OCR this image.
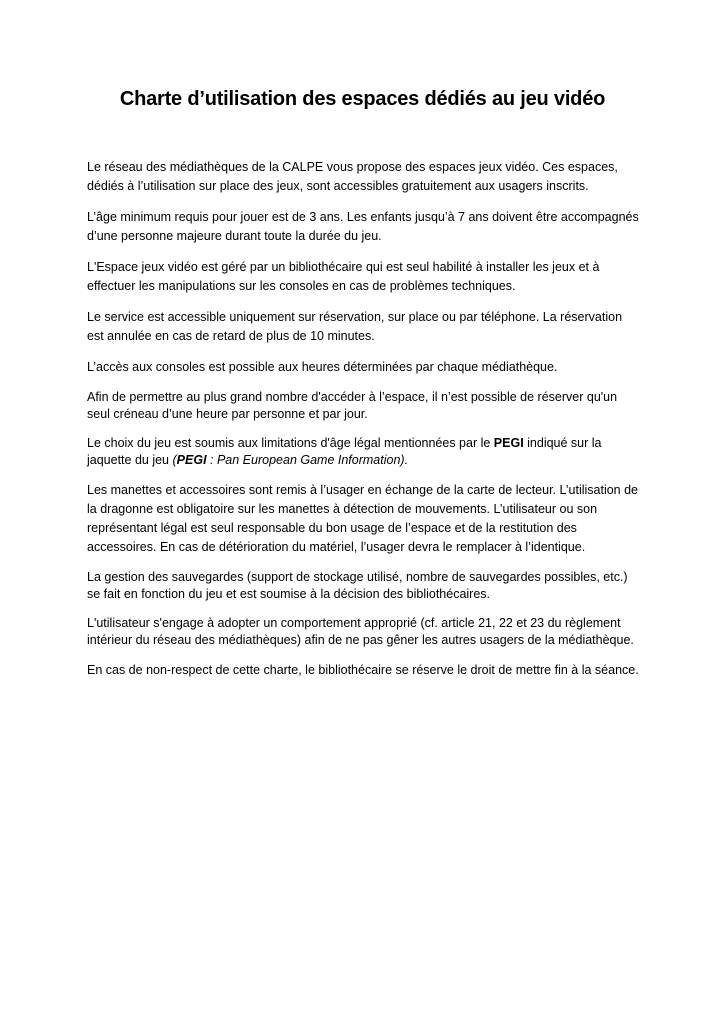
Charte d’utilisation des espaces dédiés au jeu vidéo

Le réseau des médiathèques de la CALPE vous propose des espaces jeux vidéo. Ces espaces, dédiés à l’utilisation sur place des jeux, sont accessibles gratuitement aux usagers inscrits.

L’âge minimum requis pour jouer est de 3 ans. Les enfants jusqu’à 7 ans doivent être accompagnés d’une personne majeure durant toute la durée du jeu.

L'Espace jeux vidéo est géré par un bibliothécaire qui est seul habilité à installer les jeux et à effectuer les manipulations sur les consoles en cas de problèmes techniques.

Le service est accessible uniquement sur réservation, sur place ou par téléphone. La réservation est annulée en cas de retard de plus de 10 minutes.

L’accès aux consoles est possible aux heures déterminées par chaque médiathèque.

Afin de permettre au plus grand nombre d'accéder à l’espace, il n’est possible de réserver qu'un seul créneau d’une heure par personne et par jour.

Le choix du jeu est soumis aux limitations d'âge légal mentionnées par le PEGI indiqué sur la jaquette du jeu (PEGI : Pan European Game Information).

Les manettes et accessoires sont remis à l’usager en échange de la carte de lecteur. L’utilisation de la dragonne est obligatoire sur les manettes à détection de mouvements. L’utilisateur ou son représentant légal est seul responsable du bon usage de l’espace et de la restitution des accessoires. En cas de détérioration du matériel, l’usager devra le remplacer à l’identique.

La gestion des sauvegardes (support de stockage utilisé, nombre de sauvegardes possibles, etc.) se fait en fonction du jeu et est soumise à la décision des bibliothécaires.

L'utilisateur s'engage à adopter un comportement approprié (cf. article 21, 22 et 23 du règlement intérieur du réseau des médiathèques) afin de ne pas gêner les autres usagers de la médiathèque.

En cas de non-respect de cette charte, le bibliothécaire se réserve le droit de mettre fin à la séance.
